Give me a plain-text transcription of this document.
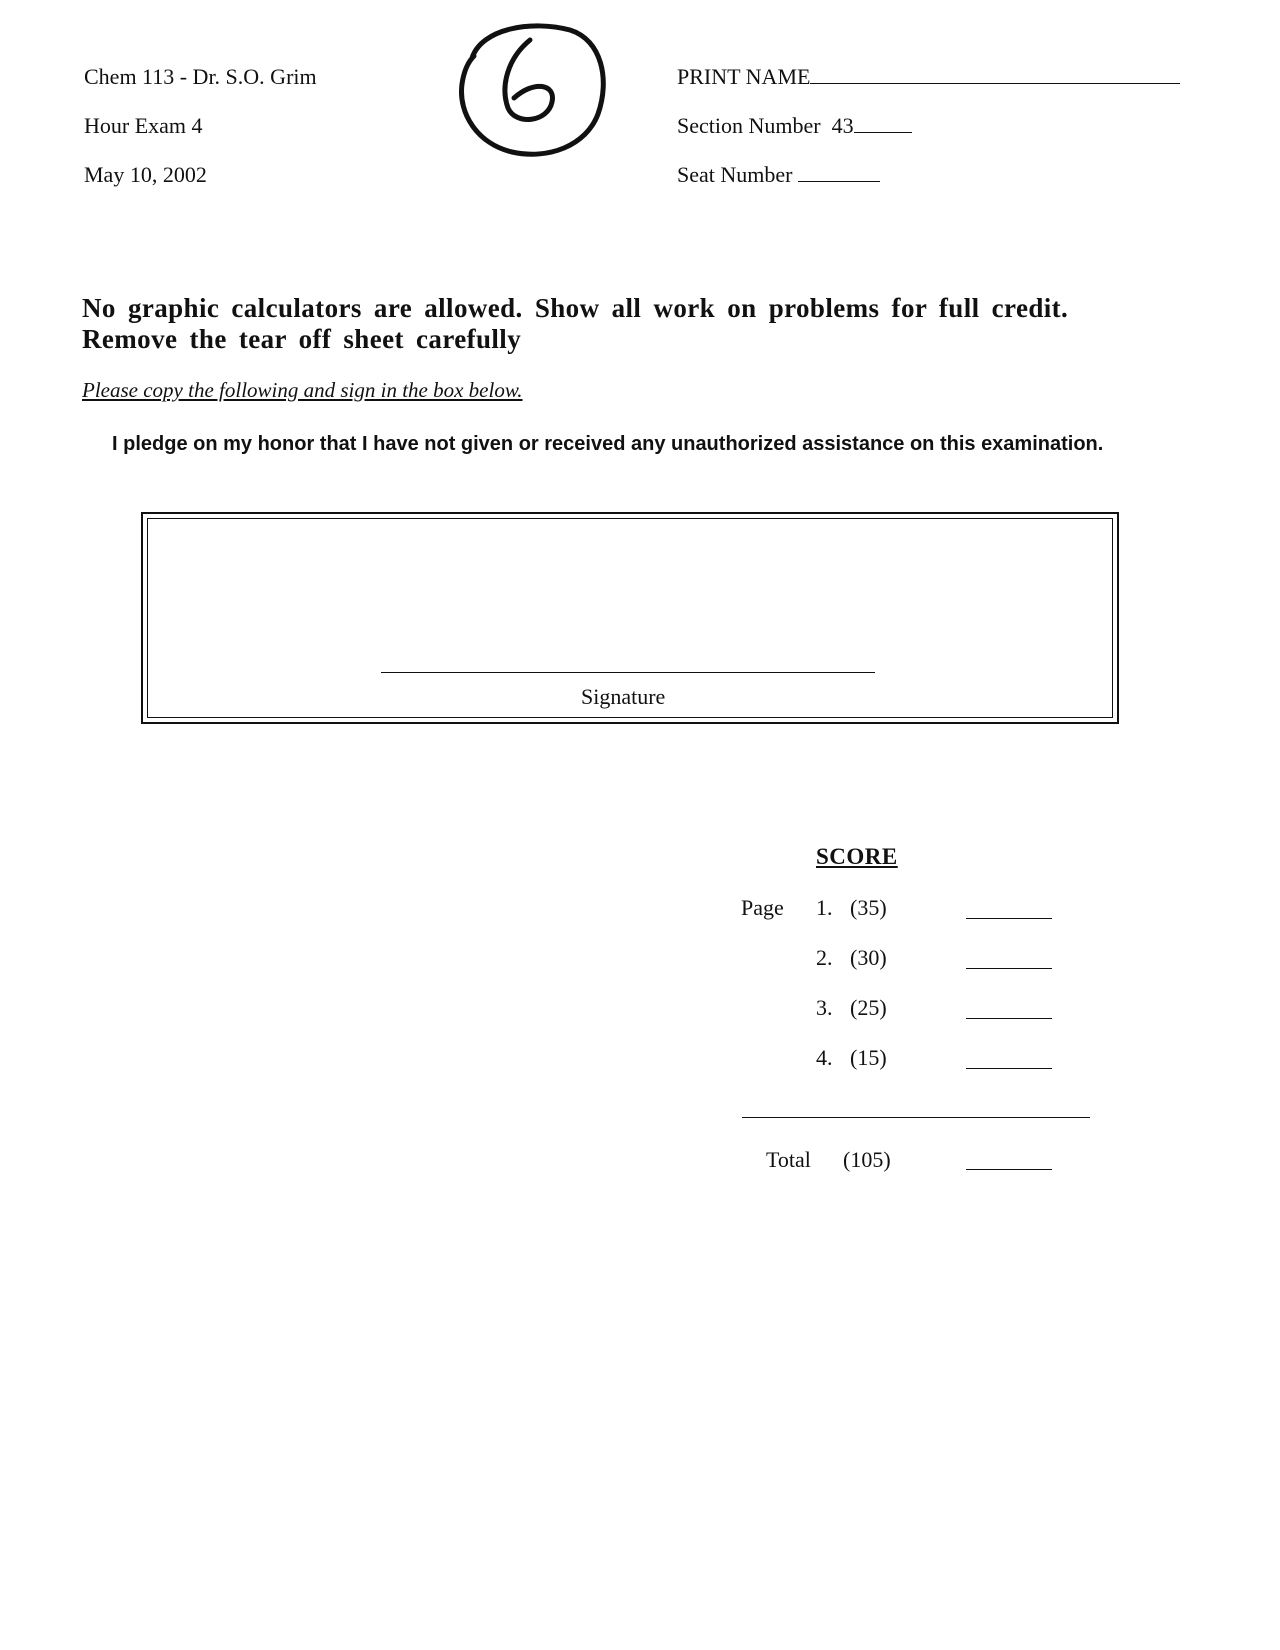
Chem 113 - Dr. S.O. Grim
Hour Exam 4
May 10, 2002
PRINT NAME
Section Number 43
Seat Number
No graphic calculators are allowed. Show all work on problems for full credit.
Remove the tear off sheet carefully
Please copy the following and sign in the box below.
I pledge on my honor that I have not given or received any unauthorized assistance on this examination.
Signature
SCORE
Page 1. (35)
2. (30)
3. (25)
4. (15)
Total (105)
